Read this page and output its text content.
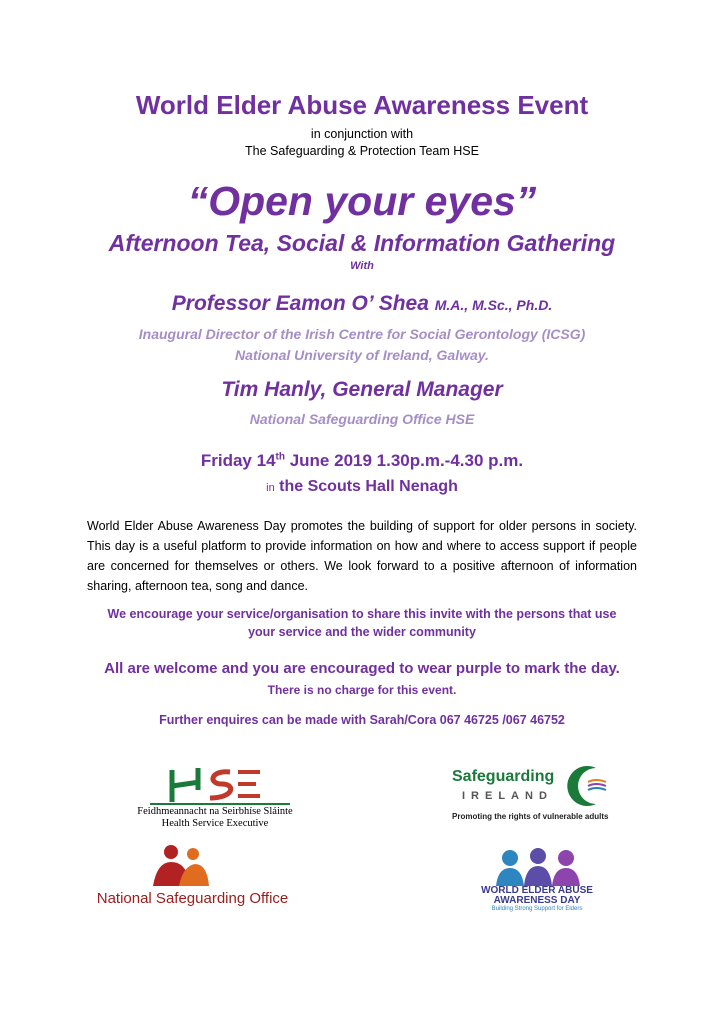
World Elder Abuse Awareness Event
in conjunction with
The Safeguarding & Protection Team HSE
“Open your eyes”
Afternoon Tea, Social & Information Gathering
With
Professor Eamon O’ Shea M.A., M.Sc., Ph.D.
Inaugural Director of the Irish Centre for Social Gerontology (ICSG)
National University of Ireland, Galway.
Tim Hanly, General Manager
National Safeguarding Office HSE
Friday 14th June 2019 1.30p.m.-4.30 p.m.
in the Scouts Hall Nenagh

World Elder Abuse Awareness Day promotes the building of support for older persons in society. This day is a useful platform to provide information on how and where to access support if people are concerned for themselves or others. We look forward to a positive afternoon of information sharing, afternoon tea, song and dance.

We encourage your service/organisation to share this invite with the persons that use
your service and the wider community
All are welcome and you are encouraged to wear purple to mark the day.
There is no charge for this event.
Further enquires can be made with Sarah/Cora 067 46725 /067 46752
Feidhmeannacht na Seirbhíse Sláinte
Health Service Executive
Safeguarding
IRELAND
Promoting the rights of vulnerable adults
National Safeguarding Office	WORLD ELDER ABUSE
AWARENESS DAY
Building Strong Support for Elders
